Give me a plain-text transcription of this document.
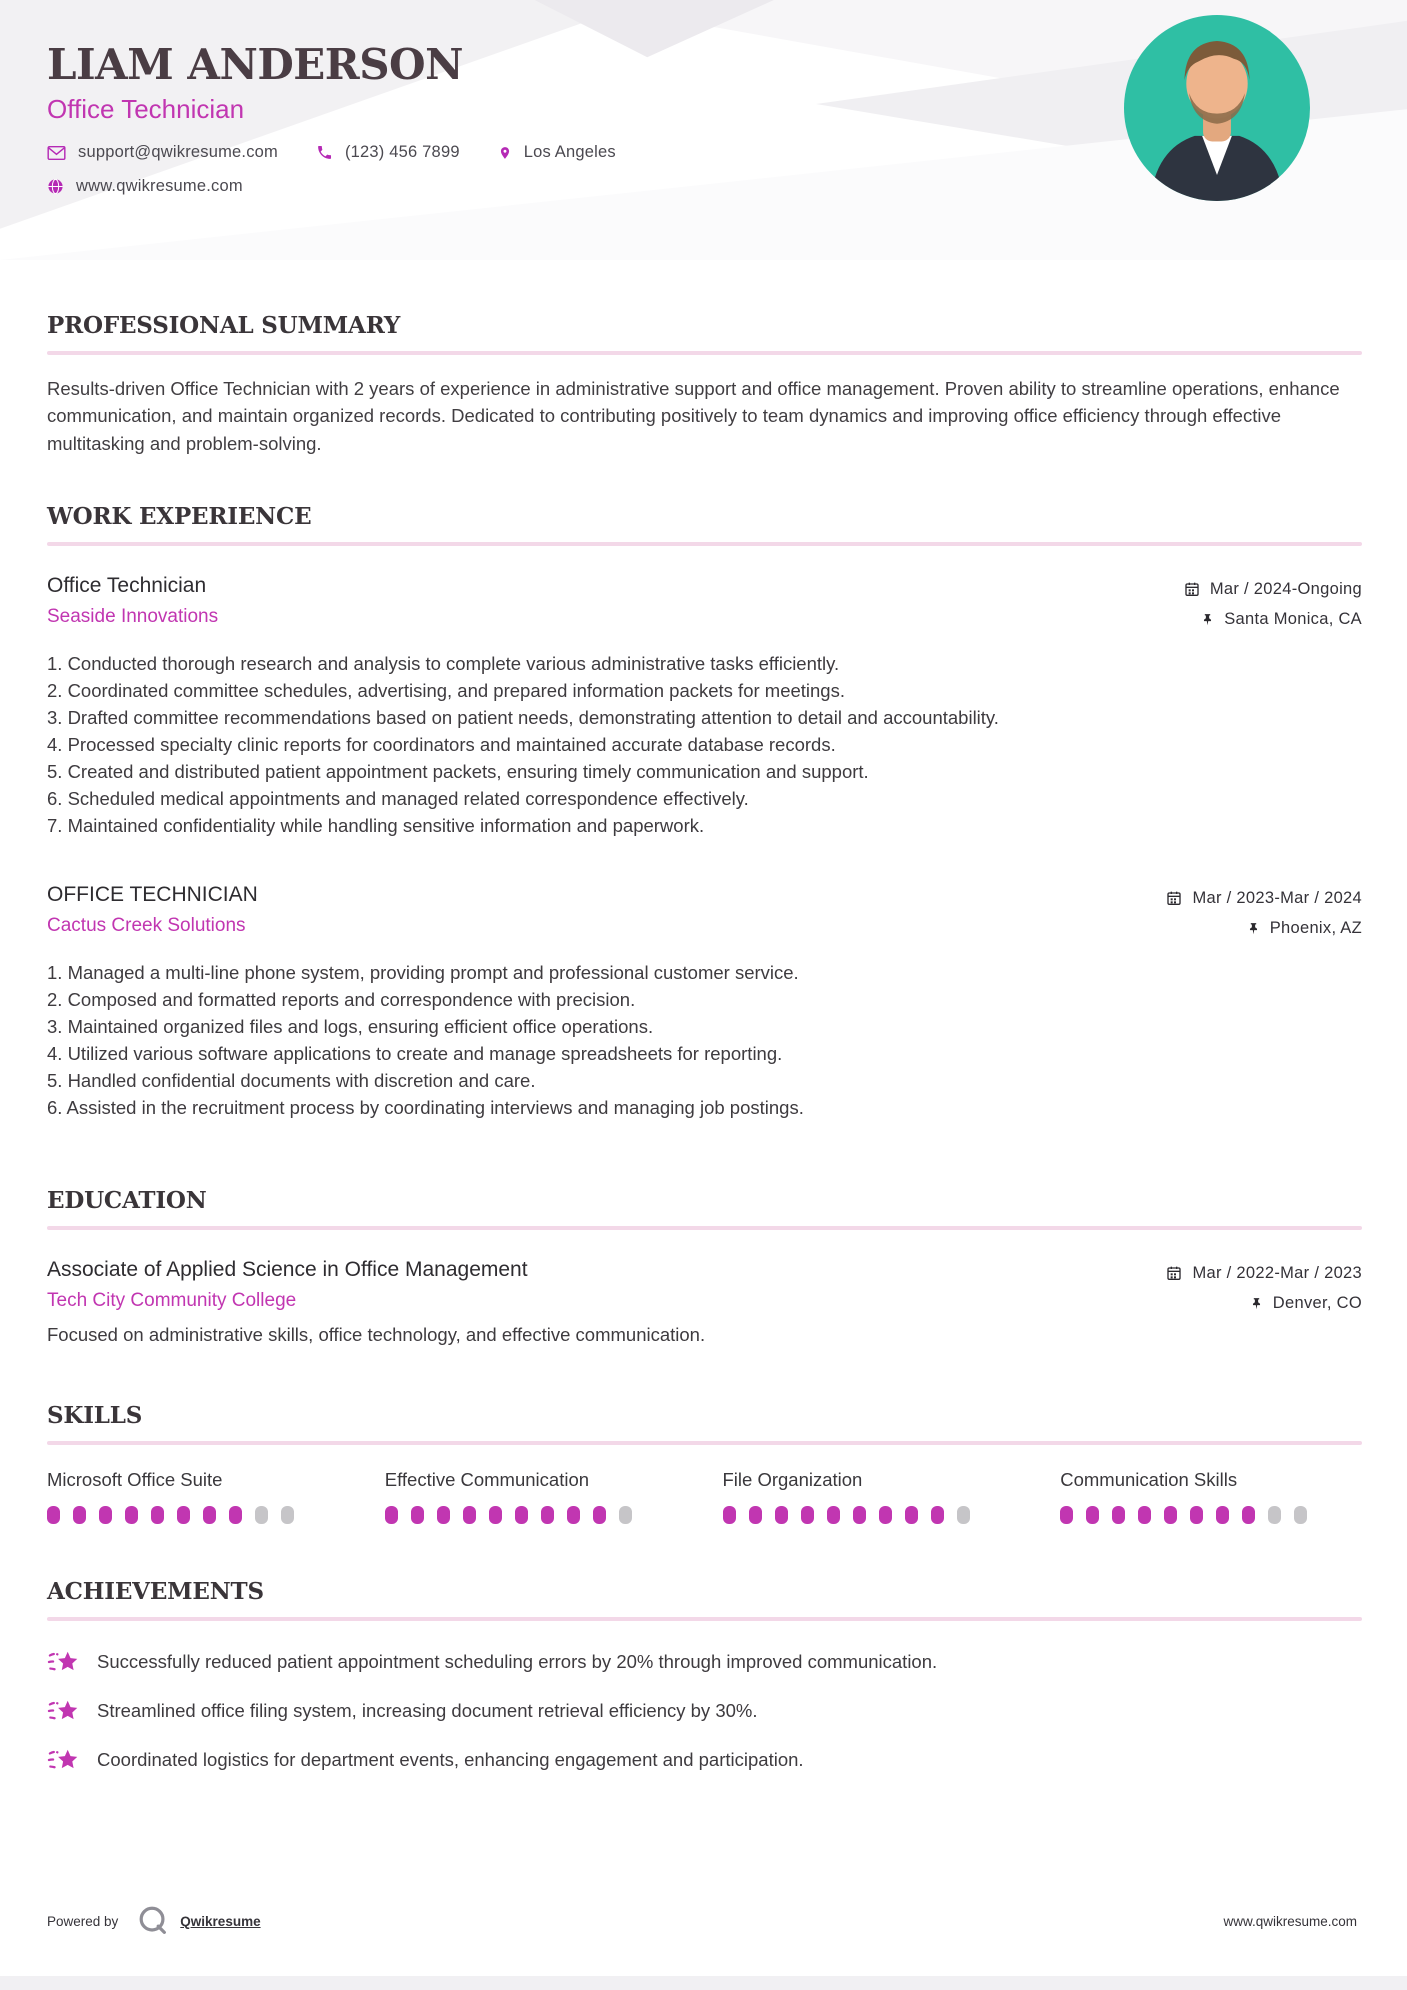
LIAM ANDERSON
Office Technician
support@qwikresume.com	(123) 456 7899	Los Angeles
www.qwikresume.com
PROFESSIONAL SUMMARY
Results-driven Office Technician with 2 years of experience in administrative support and office management. Proven ability to streamline operations, enhance communication, and maintain organized records. Dedicated to contributing positively to team dynamics and improving office efficiency through effective multitasking and problem-solving.
WORK EXPERIENCE
Office Technician
Seaside Innovations
Mar / 2024-Ongoing
Santa Monica, CA
1. Conducted thorough research and analysis to complete various administrative tasks efficiently.
2. Coordinated committee schedules, advertising, and prepared information packets for meetings.
3. Drafted committee recommendations based on patient needs, demonstrating attention to detail and accountability.
4. Processed specialty clinic reports for coordinators and maintained accurate database records.
5. Created and distributed patient appointment packets, ensuring timely communication and support.
6. Scheduled medical appointments and managed related correspondence effectively.
7. Maintained confidentiality while handling sensitive information and paperwork.
OFFICE TECHNICIAN
Cactus Creek Solutions
Mar / 2023-Mar / 2024
Phoenix, AZ
1. Managed a multi-line phone system, providing prompt and professional customer service.
2. Composed and formatted reports and correspondence with precision.
3. Maintained organized files and logs, ensuring efficient office operations.
4. Utilized various software applications to create and manage spreadsheets for reporting.
5. Handled confidential documents with discretion and care.
6. Assisted in the recruitment process by coordinating interviews and managing job postings.
EDUCATION
Associate of Applied Science in Office Management
Tech City Community College
Focused on administrative skills, office technology, and effective communication.
Mar / 2022-Mar / 2023
Denver, CO
SKILLS
Microsoft Office Suite	Effective Communication	File Organization	Communication Skills
ACHIEVEMENTS
Successfully reduced patient appointment scheduling errors by 20% through improved communication.
Streamlined office filing system, increasing document retrieval efficiency by 30%.
Coordinated logistics for department events, enhancing engagement and participation.
Powered by	Qwikresume	www.qwikresume.com
